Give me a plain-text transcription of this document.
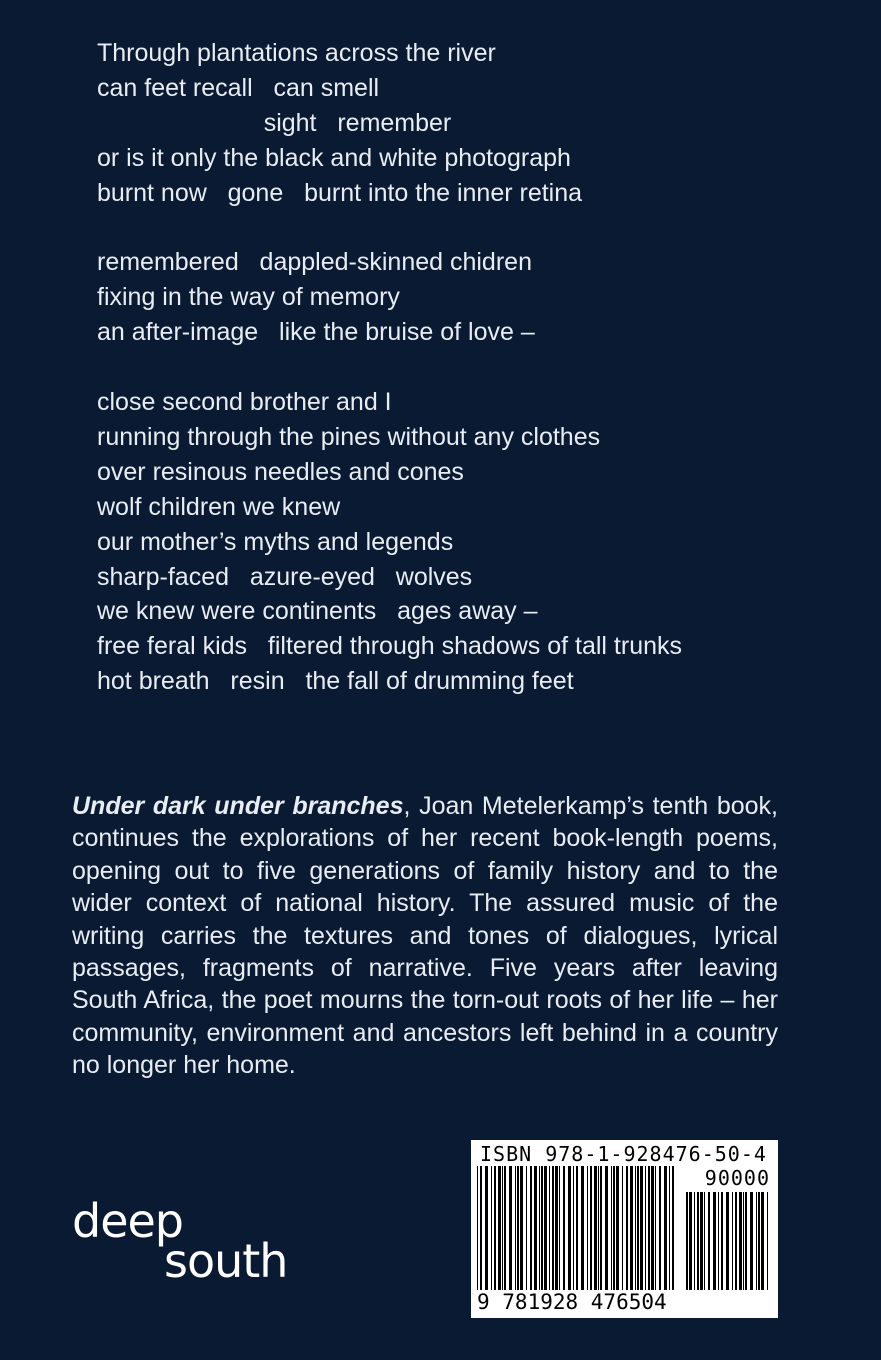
Through plantations across the river
can feet recall   can smell
sight   remember
or is it only the black and white photograph
burnt now   gone   burnt into the inner retina
remembered   dappled-skinned chidren
fixing in the way of memory
an after-image   like the bruise of love –
close second brother and I
running through the pines without any clothes
over resinous needles and cones
wolf children we knew
our mother’s myths and legends
sharp-faced   azure-eyed   wolves
we knew were continents   ages away –
free feral kids   filtered through shadows of tall trunks
hot breath   resin   the fall of drumming feet
Under dark under branches, Joan Metelerkamp’s tenth book, continues the explorations of her recent book-length poems, opening out to five generations of family history and to the wider context of national history. The assured music of the writing carries the textures and tones of dialogues, lyrical passages, fragments of narrative. Five years after leaving South Africa, the poet mourns the torn-out roots of her life – her community, environment and ancestors left behind in a country no longer her home.
ISBN 978-1-928476-50-4
90000
9 781928 476504
deep
south
